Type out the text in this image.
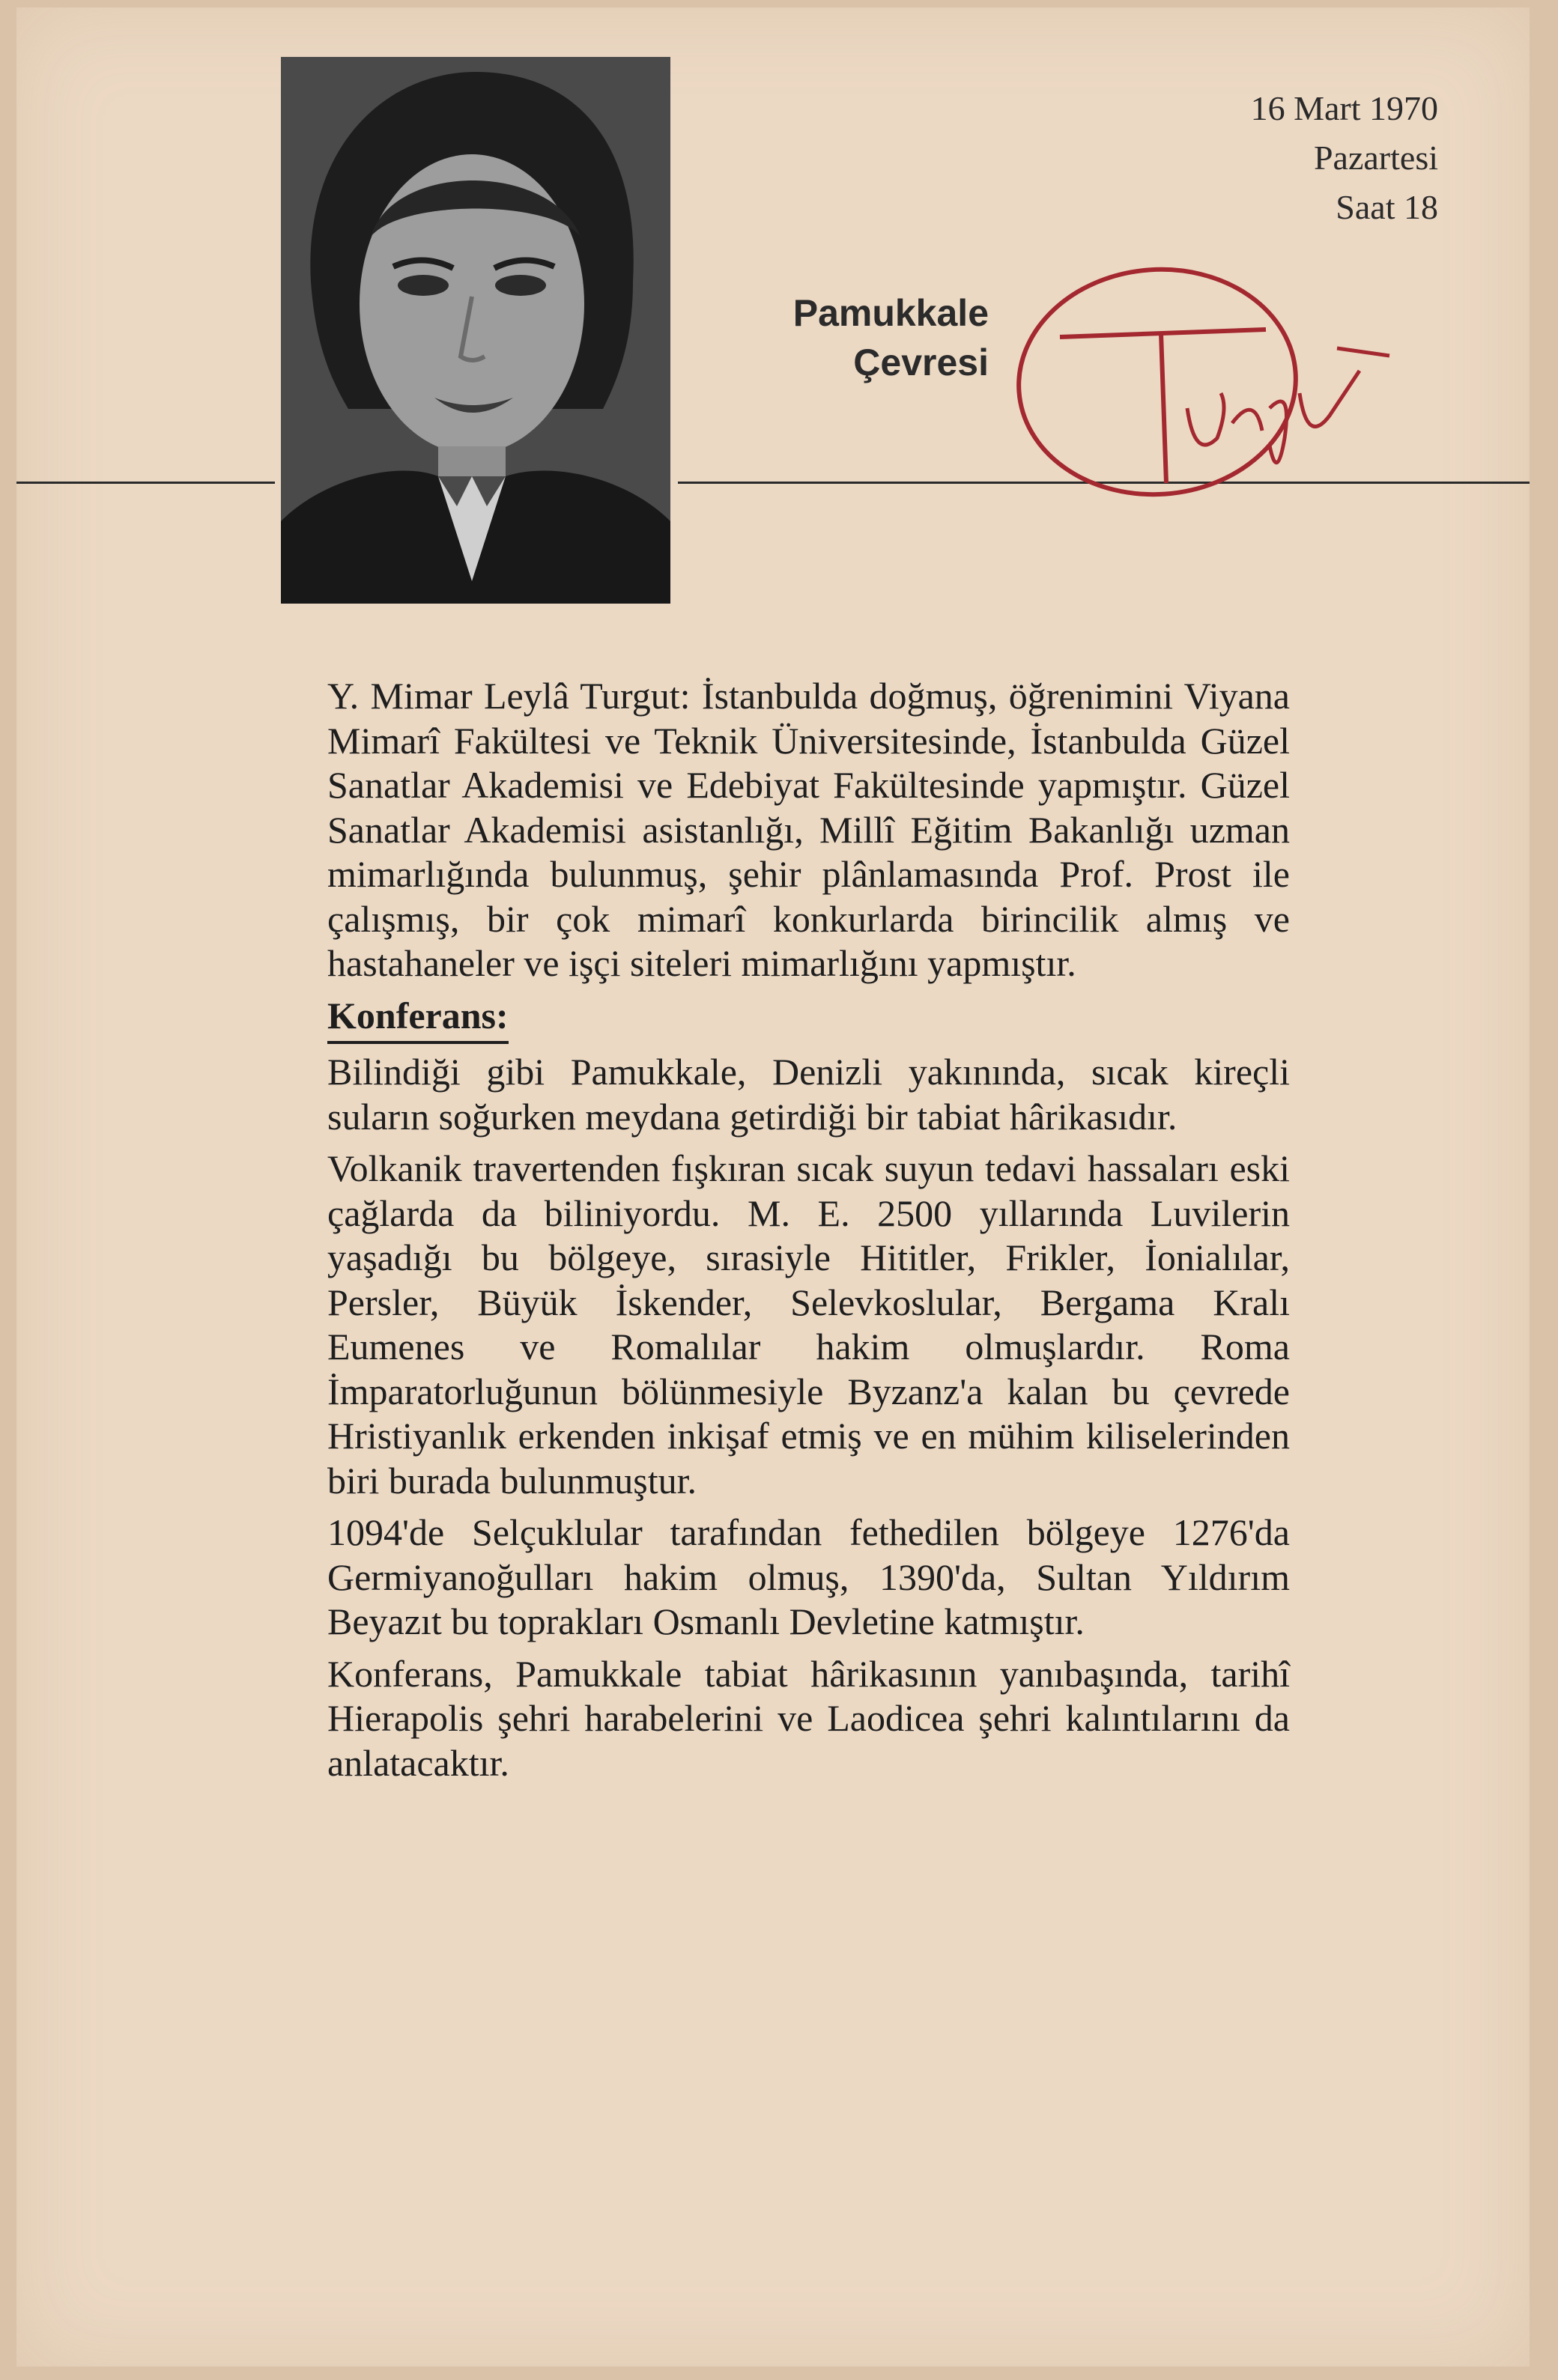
16 Mart 1970
Pazartesi
Saat 18
Pamukkale
Çevresi

Y. Mimar Leylâ Turgut: İstanbulda doğmuş, öğrenimini Viyana Mimarî Fakültesi ve Teknik Üniversitesinde, İstanbulda Güzel Sanatlar Akademisi ve Edebiyat Fakültesinde yapmıştır. Güzel Sanatlar Akademisi asistanlığı, Millî Eğitim Bakanlığı uzman mimarlığında bulunmuş, şehir plânlamasında Prof. Prost ile çalışmış, bir çok mimarî konkurlarda birincilik almış ve hastahaneler ve işçi siteleri mimarlığını yapmıştır.

Konferans:

Bilindiği gibi Pamukkale, Denizli yakınında, sıcak kireçli suların soğurken meydana getirdiği bir tabiat hârikasıdır.

Volkanik travertenden fışkıran sıcak suyun tedavi hassaları eski çağlarda da biliniyordu. M. E. 2500 yıllarında Luvilerin yaşadığı bu bölgeye, sırasiyle Hititler, Frikler, İonialılar, Persler, Büyük İskender, Selevkoslular, Bergama Kralı Eumenes ve Romalılar hakim olmuşlardır. Roma İmparatorluğunun bölünmesiyle Byzanz'a kalan bu çevrede Hristiyanlık erkenden inkişaf etmiş ve en mühim kiliselerinden biri burada bulunmuştur.

1094'de Selçuklular tarafından fethedilen bölgeye 1276'da Germiyanoğulları hakim olmuş, 1390'da, Sultan Yıldırım Beyazıt bu toprakları Osmanlı Devletine katmıştır.

Konferans, Pamukkale tabiat hârikasının yanıbaşında, tarihî Hierapolis şehri harabelerini ve Laodicea şehri kalıntılarını da anlatacaktır.
